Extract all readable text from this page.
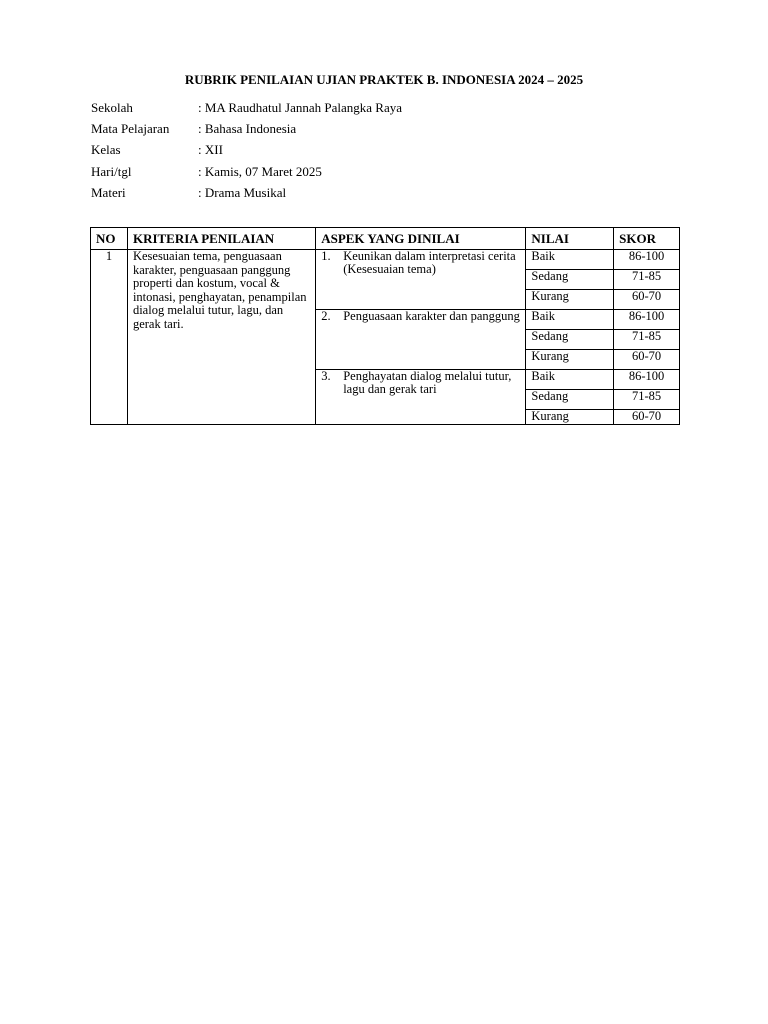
RUBRIK PENILAIAN UJIAN PRAKTEK B. INDONESIA 2024 – 2025
Sekolah	: MA Raudhatul Jannah Palangka Raya
Mata Pelajaran	: Bahasa Indonesia
Kelas	: XII
Hari/tgl	: Kamis, 07 Maret 2025
Materi	: Drama Musikal
NO	KRITERIA PENILAIAN	ASPEK YANG DINILAI	NILAI	SKOR
1	Kesesuaian tema, penguasaan karakter, penguasaan panggung properti dan kostum, vocal & intonasi, penghayatan, penampilan dialog melalui tutur, lagu, dan gerak tari.	1. Keunikan dalam interpretasi cerita (Kesesuaian tema)	Baik	86-100
			Sedang	71-85
			Kurang	60-70

		2. Penguasaan karakter dan panggung	Baik	86-100
			Sedang	71-85
			Kurang	60-70

		3. Penghayatan dialog melalui tutur, lagu dan gerak tari	Baik	86-100
			Sedang	71-85
			Kurang	60-70
